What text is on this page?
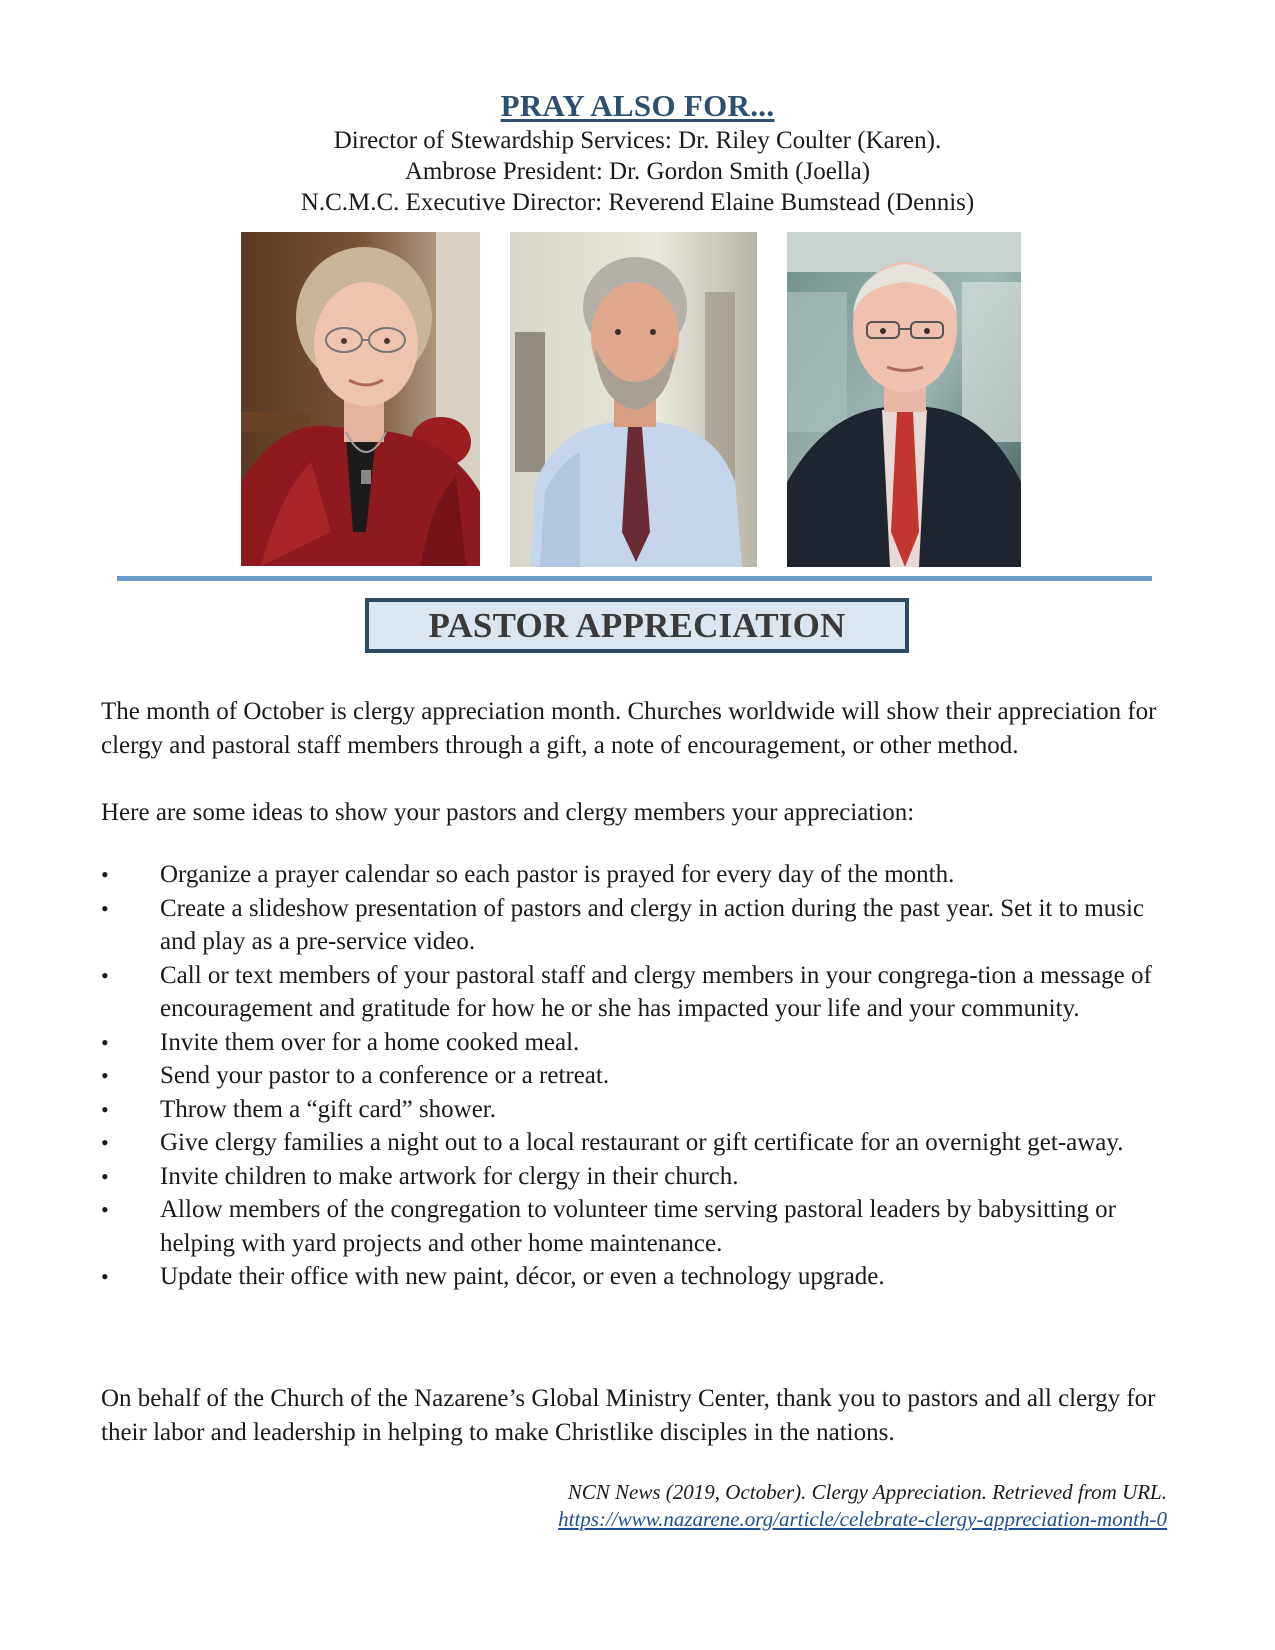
PRAY ALSO FOR...
Director of Stewardship Services: Dr. Riley Coulter (Karen).
Ambrose President: Dr. Gordon Smith (Joella)
N.C.M.C. Executive Director: Reverend Elaine Bumstead (Dennis)
PASTOR APPRECIATION
The month of October is clergy appreciation month. Churches worldwide will show their appreciation for clergy and pastoral staff members through a gift, a note of encouragement, or other method.
Here are some ideas to show your pastors and clergy members your appreciation:
•	Organize a prayer calendar so each pastor is prayed for every day of the month.
•	Create a slideshow presentation of pastors and clergy in action during the past year. Set it to music and play as a pre-service video.
•	Call or text members of your pastoral staff and clergy members in your congrega-tion a message of encouragement and gratitude for how he or she has impacted your life and your community.
•	Invite them over for a home cooked meal.
•	Send your pastor to a conference or a retreat.
•	Throw them a “gift card” shower.
•	Give clergy families a night out to a local restaurant or gift certificate for an overnight get-away.
•	Invite children to make artwork for clergy in their church.
•	Allow members of the congregation to volunteer time serving pastoral leaders by babysitting or helping with yard projects and other home maintenance.
•	Update their office with new paint, décor, or even a technology upgrade.
On behalf of the Church of the Nazarene’s Global Ministry Center, thank you to pastors and all clergy for their labor and leadership in helping to make Christlike disciples in the nations.
NCN News (2019, October). Clergy Appreciation. Retrieved from URL.
https://www.nazarene.org/article/celebrate-clergy-appreciation-month-0
